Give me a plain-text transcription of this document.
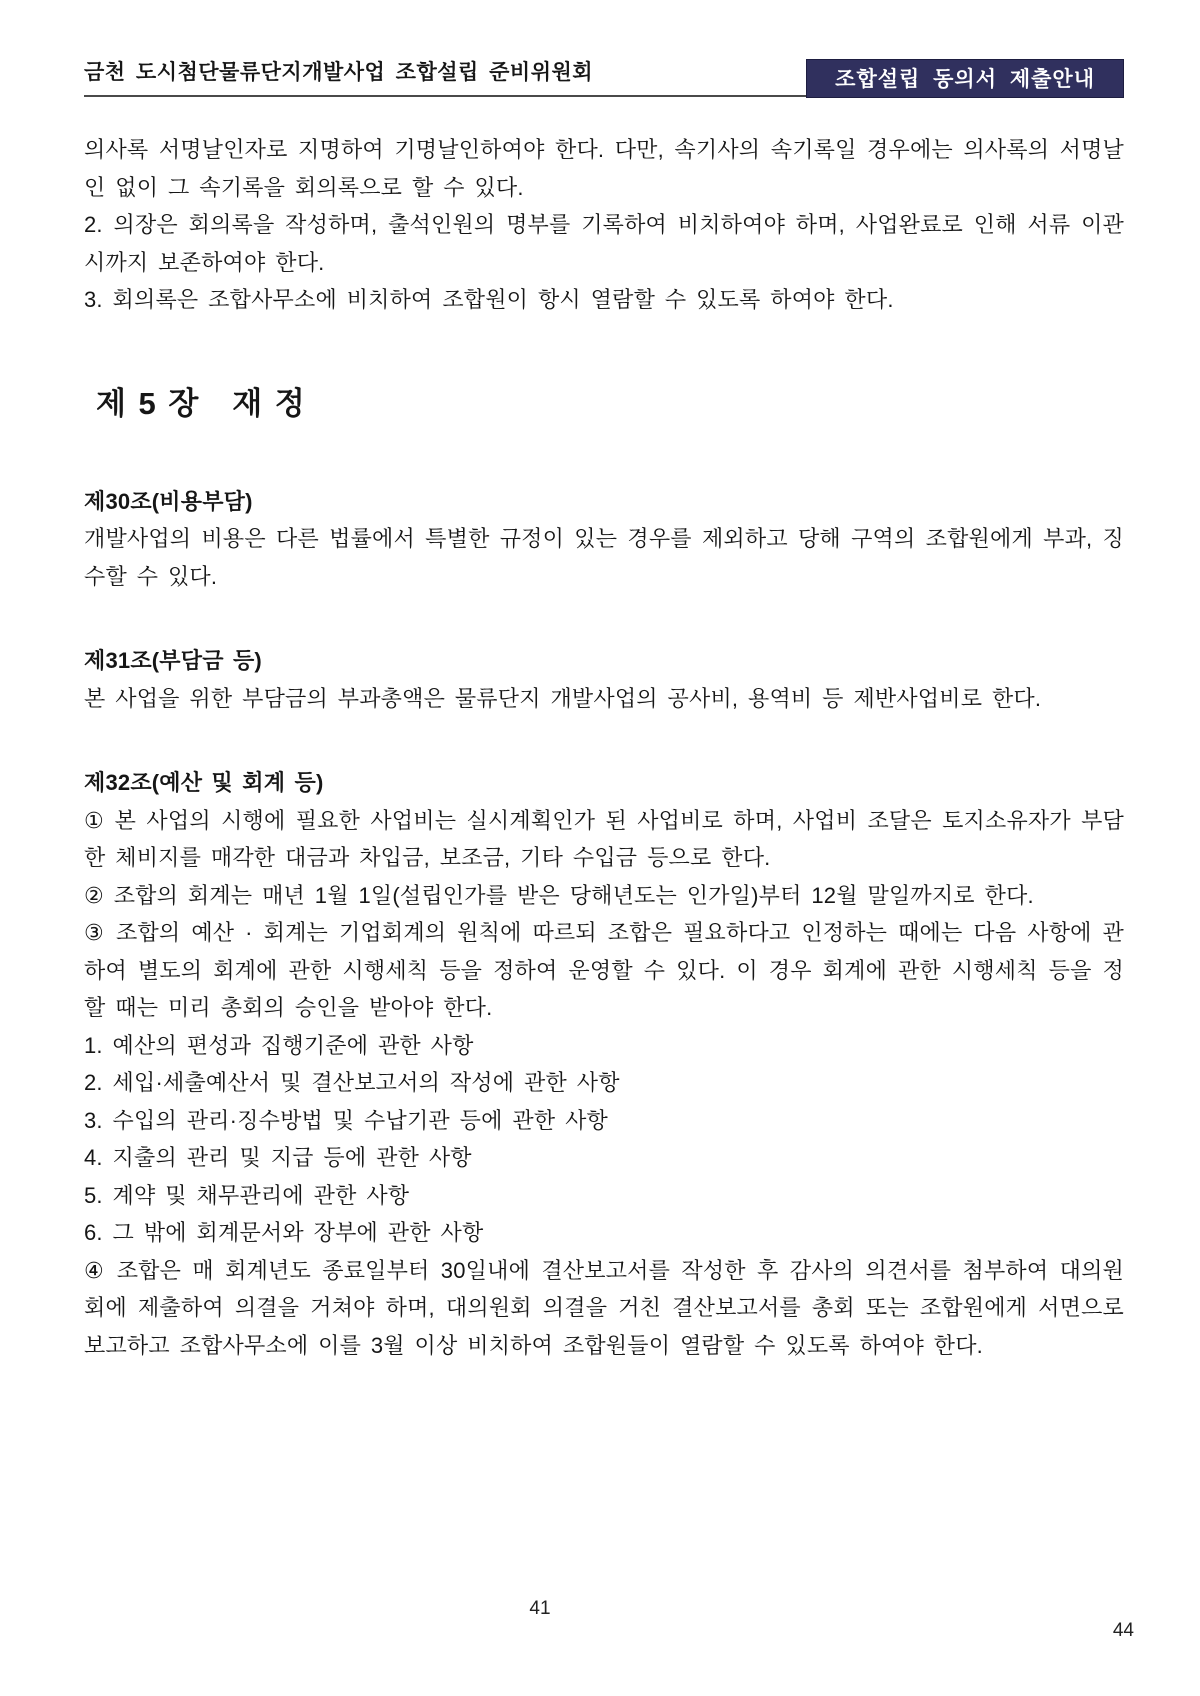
금천 도시첨단물류단지개발사업 조합설립 준비위원회	조합설립 동의서 제출안내

의사록 서명날인자로 지명하여 기명날인하여야 한다. 다만, 속기사의 속기록일 경우에는 의사록의 서명날인 없이 그 속기록을 회의록으로 할 수 있다.

2. 의장은 회의록을 작성하며, 출석인원의 명부를 기록하여 비치하여야 하며, 사업완료로 인해 서류 이관 시까지 보존하여야 한다.

3. 회의록은 조합사무소에 비치하여 조합원이 항시 열람할 수 있도록 하여야 한다.

제 5 장   재 정
제30조(비용부담)

개발사업의 비용은 다른 법률에서 특별한 규정이 있는 경우를 제외하고 당해 구역의 조합원에게 부과, 징수할 수 있다.

제31조(부담금 등)

본 사업을 위한 부담금의 부과총액은 물류단지 개발사업의 공사비, 용역비 등 제반사업비로 한다.

제32조(예산 및 회계 등)

① 본 사업의 시행에 필요한 사업비는 실시계획인가 된 사업비로 하며, 사업비 조달은 토지소유자가 부담한 체비지를 매각한 대금과 차입금, 보조금, 기타 수입금 등으로 한다.

② 조합의 회계는 매년 1월 1일(설립인가를 받은 당해년도는 인가일)부터 12월 말일까지로 한다.

③ 조합의 예산 · 회계는 기업회계의 원칙에 따르되 조합은 필요하다고 인정하는 때에는 다음 사항에 관하여 별도의 회계에 관한 시행세칙 등을 정하여 운영할 수 있다. 이 경우 회계에 관한 시행세칙 등을 정할 때는 미리 총회의 승인을 받아야 한다.

1. 예산의 편성과 집행기준에 관한 사항

2. 세입·세출예산서 및 결산보고서의 작성에 관한 사항

3. 수입의 관리·징수방법 및 수납기관 등에 관한 사항

4. 지출의 관리 및 지급 등에 관한 사항

5. 계약 및 채무관리에 관한 사항

6. 그 밖에 회계문서와 장부에 관한 사항

④ 조합은 매 회계년도 종료일부터 30일내에 결산보고서를 작성한 후 감사의 의견서를 첨부하여 대의원회에 제출하여 의결을 거쳐야 하며, 대의원회 의결을 거친 결산보고서를 총회 또는 조합원에게 서면으로 보고하고 조합사무소에 이를 3월 이상 비치하여 조합원들이 열람할 수 있도록 하여야 한다.

41
44
